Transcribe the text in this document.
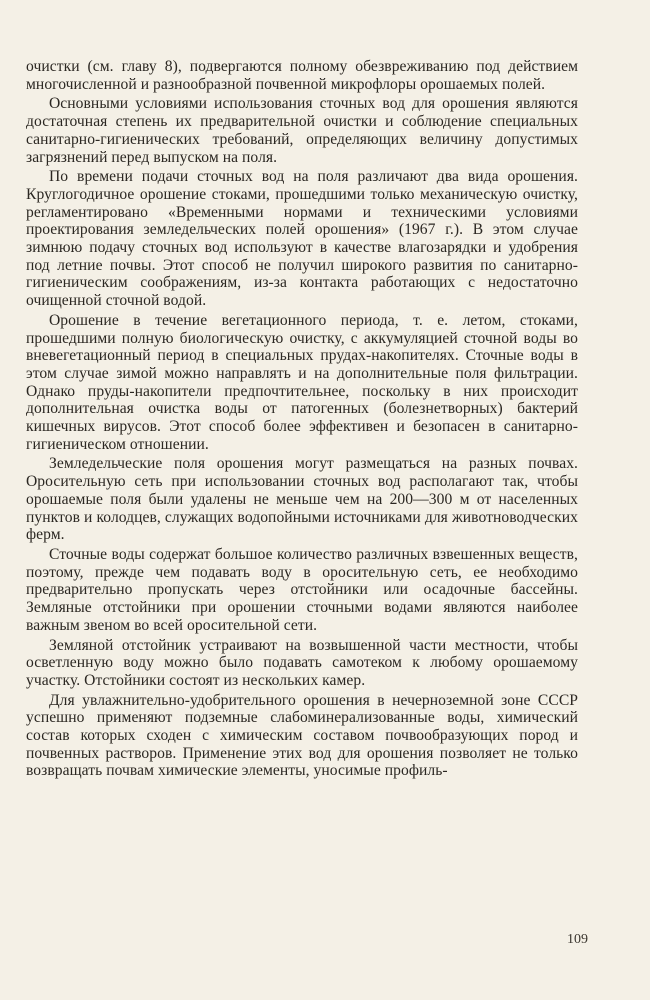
очистки (см. главу 8), подвергаются полному обезвреживанию под действием многочисленной и разнообразной почвенной микрофлоры орошаемых полей.

Основными условиями использования сточных вод для орошения являются достаточная степень их предварительной очистки и соблюдение специальных санитарно-гигиенических требований, определяющих величину допустимых загрязнений перед выпуском на поля.

По времени подачи сточных вод на поля различают два вида орошения. Круглогодичное орошение стоками, прошедшими только механическую очистку, регламентировано «Временными нормами и техническими условиями проектирования земледельческих полей орошения» (1967 г.). В этом случае зимнюю подачу сточных вод используют в качестве влагозарядки и удобрения под летние почвы. Этот способ не получил широкого развития по санитарно-гигиеническим соображениям, из-за контакта работающих с недостаточно очищенной сточной водой.

Орошение в течение вегетационного периода, т. е. летом, стоками, прошедшими полную биологическую очистку, с аккумуляцией сточной воды во вневегетационный период в специальных прудах-накопителях. Сточные воды в этом случае зимой можно направлять и на дополнительные поля фильтрации. Однако пруды-накопители предпочтительнее, поскольку в них происходит дополнительная очистка воды от патогенных (болезнетворных) бактерий кишечных вирусов. Этот способ более эффективен и безопасен в санитарно-гигиеническом отношении.

Земледельческие поля орошения могут размещаться на разных почвах. Оросительную сеть при использовании сточных вод располагают так, чтобы орошаемые поля были удалены не меньше чем на 200—300 м от населенных пунктов и колодцев, служащих водопойными источниками для животноводческих ферм.

Сточные воды содержат большое количество различных взвешенных веществ, поэтому, прежде чем подавать воду в оросительную сеть, ее необходимо предварительно пропускать через отстойники или осадочные бассейны. Земляные отстойники при орошении сточными водами являются наиболее важным звеном во всей оросительной сети.

Земляной отстойник устраивают на возвышенной части местности, чтобы осветленную воду можно было подавать самотеком к любому орошаемому участку. Отстойники состоят из нескольких камер.

Для увлажнительно-удобрительного орошения в нечерноземной зоне СССР успешно применяют подземные слабоминерализованные воды, химический состав которых сходен с химическим составом почвообразующих пород и почвенных растворов. Применение этих вод для орошения позволяет не только возвращать почвам химические элементы, уносимые профиль-

109
